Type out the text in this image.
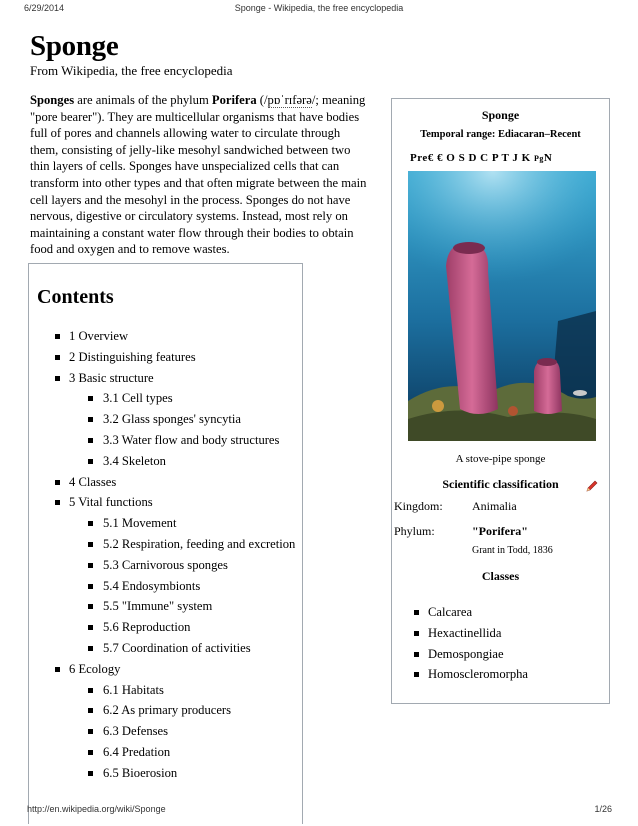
6/29/2014	Sponge - Wikipedia, the free encyclopedia
Sponge
From Wikipedia, the free encyclopedia
Sponges are animals of the phylum Porifera (/pɒˈrɪfərə/; meaning "pore bearer"). They are multicellular organisms that have bodies full of pores and channels allowing water to circulate through them, consisting of jelly-like mesohyl sandwiched between two thin layers of cells. Sponges have unspecialized cells that can transform into other types and that often migrate between the main cell layers and the mesohyl in the process. Sponges do not have nervous, digestive or circulatory systems. Instead, most rely on maintaining a constant water flow through their bodies to obtain food and oxygen and to remove wastes.
Contents
1 Overview
2 Distinguishing features
3 Basic structure
3.1 Cell types
3.2 Glass sponges' syncytia
3.3 Water flow and body structures
3.4 Skeleton
4 Classes
5 Vital functions
5.1 Movement
5.2 Respiration, feeding and excretion
5.3 Carnivorous sponges
5.4 Endosymbionts
5.5 "Immune" system
5.6 Reproduction
5.7 Coordination of activities
6 Ecology
6.1 Habitats
6.2 As primary producers
6.3 Defenses
6.4 Predation
6.5 Bioerosion
Sponge
Temporal range: Ediacaran–Recent
Pre€ € O S D C P T J K PgN
A stove-pipe sponge
Scientific classification
Kingdom: Animalia
Phylum:	"Porifera"
Grant in Todd, 1836
Classes
Calcarea
Hexactinellida
Demospongiae
Homoscleromorpha
http://en.wikipedia.org/wiki/Sponge	1/26
